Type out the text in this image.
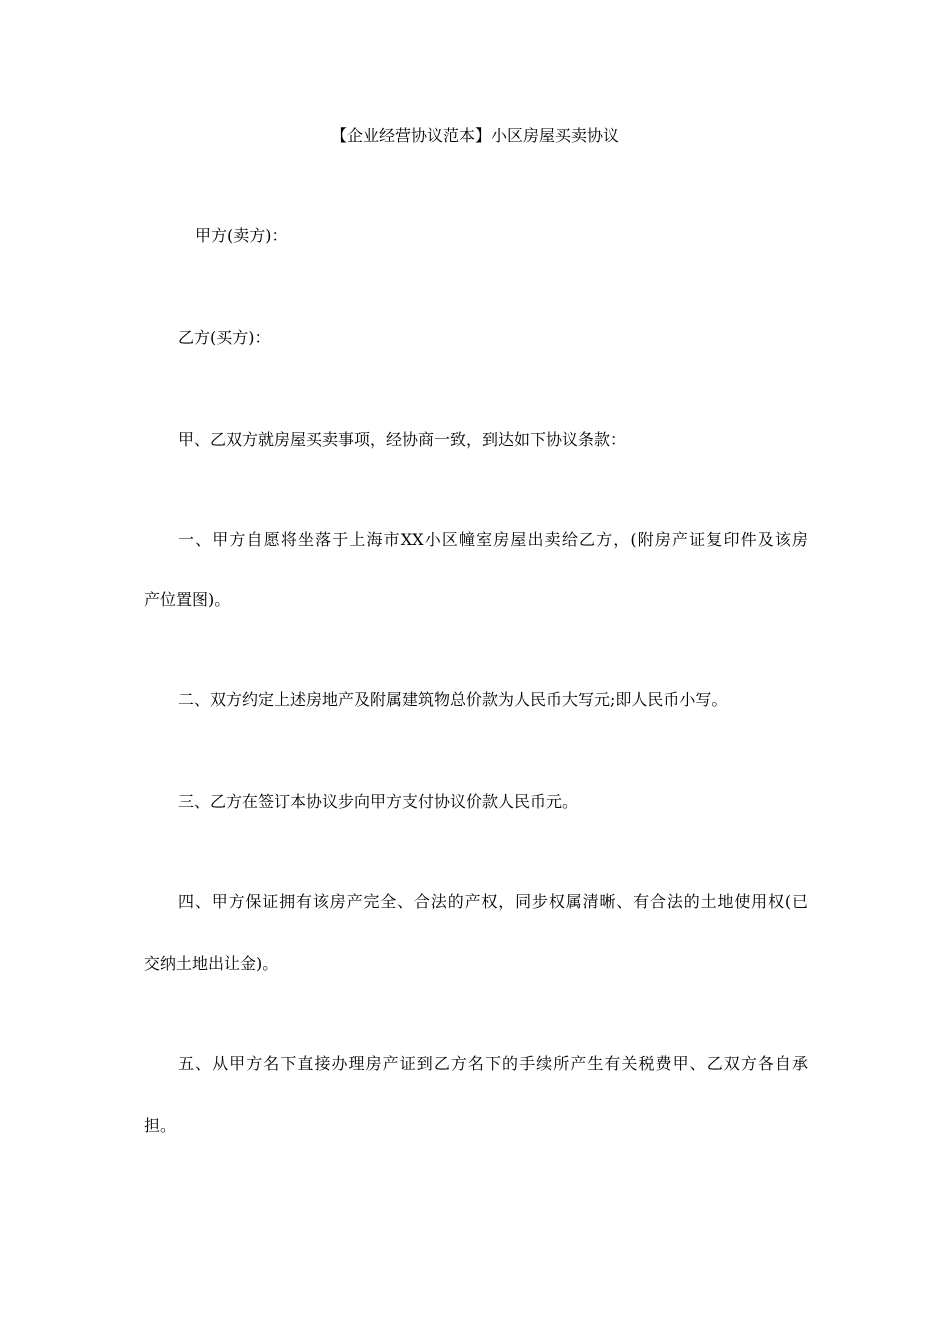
【企业经营协议范本】小区房屋买卖协议

甲方(卖方)：

乙方(买方)：

甲、乙双方就房屋买卖事项，经协商一致，到达如下协议条款：

一、甲方自愿将坐落于上海市XX小区幢室房屋出卖给乙方，(附房产证复印件及该房

产位置图)。

二、双方约定上述房地产及附属建筑物总价款为人民币大写元;即人民币小写。

三、乙方在签订本协议步向甲方支付协议价款人民币元。

四、甲方保证拥有该房产完全、合法的产权，同步权属清晰、有合法的土地使用权(已

交纳土地出让金)。

五、从甲方名下直接办理房产证到乙方名下的手续所产生有关税费甲、乙双方各自承

担。
